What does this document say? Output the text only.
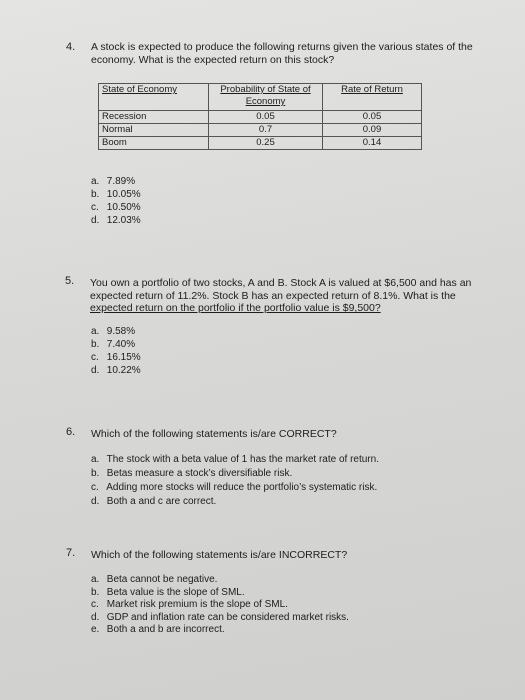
4. A stock is expected to produce the following returns given the various states of the
economy. What is the expected return on this stock?
State of Economy	Probability of State of Economy	Rate of Return
Recession	0.05	0.05
Normal	0.7	0.09
Boom	0.25	0.14
a. 7.89%
b. 10.05%
c. 10.50%
d. 12.03%
5. You own a portfolio of two stocks, A and B. Stock A is valued at $6,500 and has an
expected return of 11.2%. Stock B has an expected return of 8.1%. What is the
expected return on the portfolio if the portfolio value is $9,500?
a. 9.58%
b. 7.40%
c. 16.15%
d. 10.22%
6. Which of the following statements is/are CORRECT?
a. The stock with a beta value of 1 has the market rate of return.
b. Betas measure a stock’s diversifiable risk.
c. Adding more stocks will reduce the portfolio’s systematic risk.
d. Both a and c are correct.
7. Which of the following statements is/are INCORRECT?
a. Beta cannot be negative.
b. Beta value is the slope of SML.
c. Market risk premium is the slope of SML.
d. GDP and inflation rate can be considered market risks.
e. Both a and b are incorrect.
